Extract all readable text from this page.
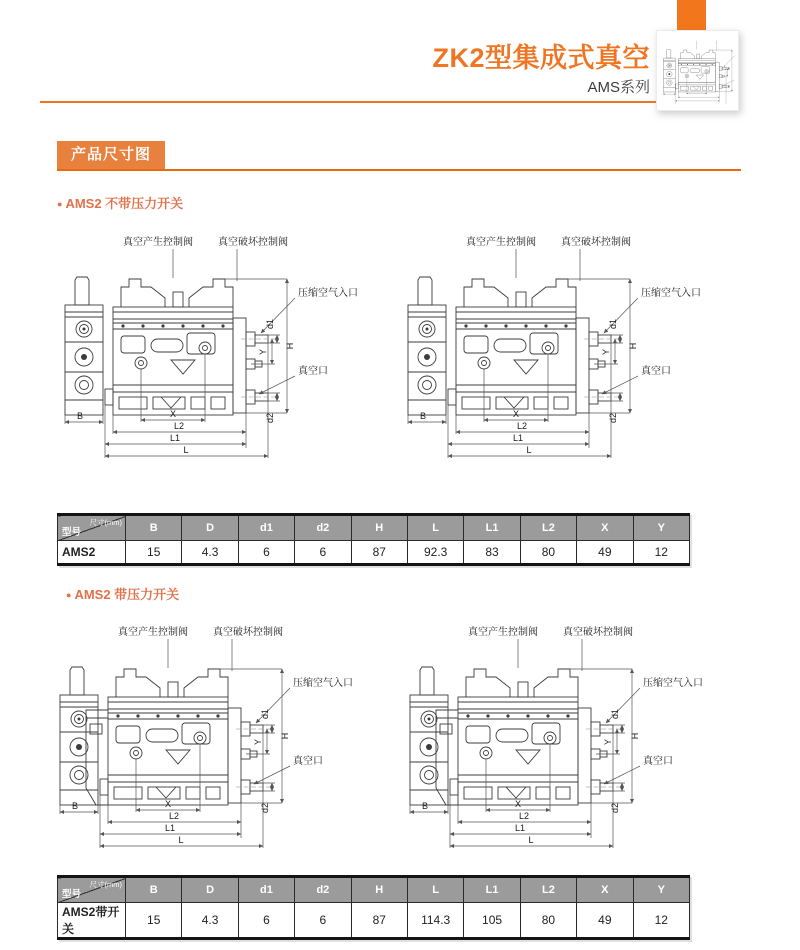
ZK2型集成式真空
AMS系列
产品尺寸图
● AMS2 不带压力开关
真空产生控制阀	真空破坏控制阀
压缩空气入口
真空口
B	X
L2
L1
L
H
d1
Y
d2
真空产生控制阀	真空破坏控制阀
压缩空气入口
真空口
B	X
L2
L1
L
H
d1
Y
d2
尺寸(mm)
型号	B	D	d1	d2	H	L	L1	L2	X	Y
AMS2	15	4.3	6	6	87	92.3	83	80	49	12
● AMS2 带压力开关
真空产生控制阀	真空破坏控制阀
压缩空气入口
真空口
B	X
L2
L1
L
H
d1
Y
d2
真空产生控制阀	真空破坏控制阀
压缩空气入口
真空口
B	X
L2
L1
L
H
d1
Y
d2
尺寸(mm)
型号	B	D	d1	d2	H	L	L1	L2	X	Y
AMS2带开关	15	4.3	6	6	87	114.3	105	80	49	12
